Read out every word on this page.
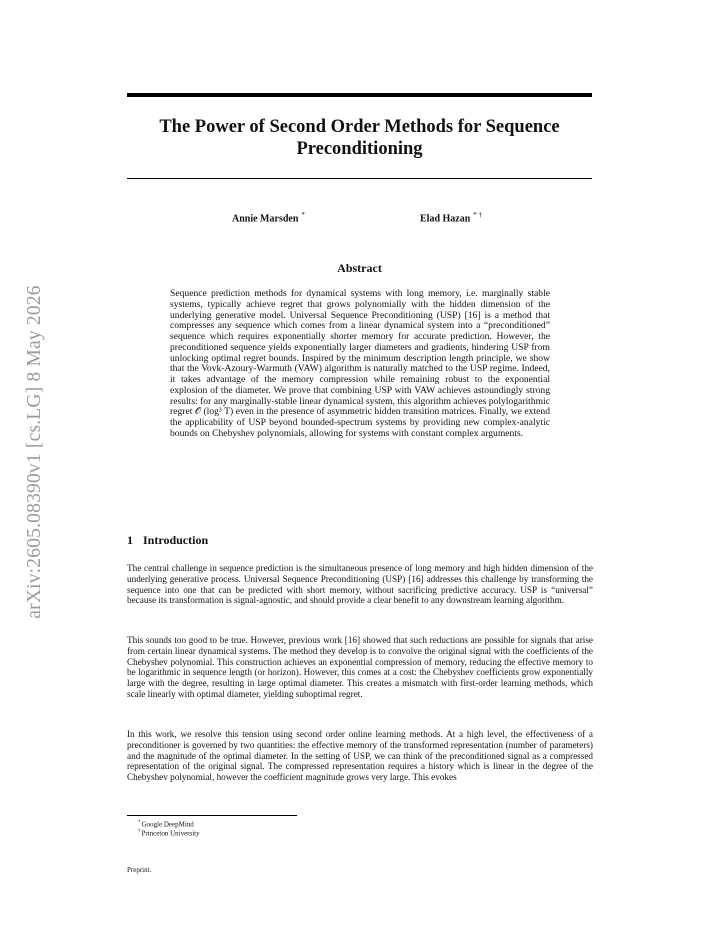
arXiv:2605.08390v1 [cs.LG] 8 May 2026
The Power of Second Order Methods for Sequence Preconditioning
Annie Marsden *	Elad Hazan * †
Abstract
Sequence prediction methods for dynamical systems with long memory, i.e. marginally stable systems, typically achieve regret that grows polynomially with the hidden dimension of the underlying generative model. Universal Sequence Preconditioning (USP) [16] is a method that compresses any sequence which comes from a linear dynamical system into a “preconditioned” sequence which requires exponentially shorter memory for accurate prediction. However, the preconditioned sequence yields exponentially larger diameters and gradients, hindering USP from unlocking optimal regret bounds. Inspired by the minimum description length principle, we show that the Vovk-Azoury-Warmuth (VAW) algorithm is naturally matched to the USP regime. Indeed, it takes advantage of the memory compression while remaining robust to the exponential explosion of the diameter. We prove that combining USP with VAW achieves astoundingly strong results: for any marginally-stable linear dynamical system, this algorithm achieves polylogarithmic regret 𝒪 (log³ T) even in the presence of asymmetric hidden transition matrices. Finally, we extend the applicability of USP beyond bounded-spectrum systems by providing new complex-analytic bounds on Chebyshev polynomials, allowing for systems with constant complex arguments.
1 Introduction

The central challenge in sequence prediction is the simultaneous presence of long memory and high hidden dimension of the underlying generative process. Universal Sequence Preconditioning (USP) [16] addresses this challenge by transforming the sequence into one that can be predicted with short memory, without sacrificing predictive accuracy. USP is “universal” because its transformation is signal-agnostic, and should provide a clear benefit to any downstream learning algorithm.

This sounds too good to be true. However, previous work [16] showed that such reductions are possible for signals that arise from certain linear dynamical systems. The method they develop is to convolve the original signal with the coefficients of the Chebyshev polynomial. This construction achieves an exponential compression of memory, reducing the effective memory to be logarithmic in sequence length (or horizon). However, this comes at a cost: the Chebyshev coefficients grow exponentially large with the degree, resulting in large optimal diameter. This creates a mismatch with first-order learning methods, which scale linearly with optimal diameter, yielding suboptimal regret.

In this work, we resolve this tension using second order online learning methods. At a high level, the effectiveness of a preconditioner is governed by two quantities: the effective memory of the transformed representation (number of parameters) and the magnitude of the optimal diameter. In the setting of USP, we can think of the preconditioned signal as a compressed representation of the original signal. The compressed representation requires a history which is linear in the degree of the Chebyshev polynomial, however the coefficient magnitude grows very large. This evokes

*Google DeepMind
†Princeton University
Preprint.
